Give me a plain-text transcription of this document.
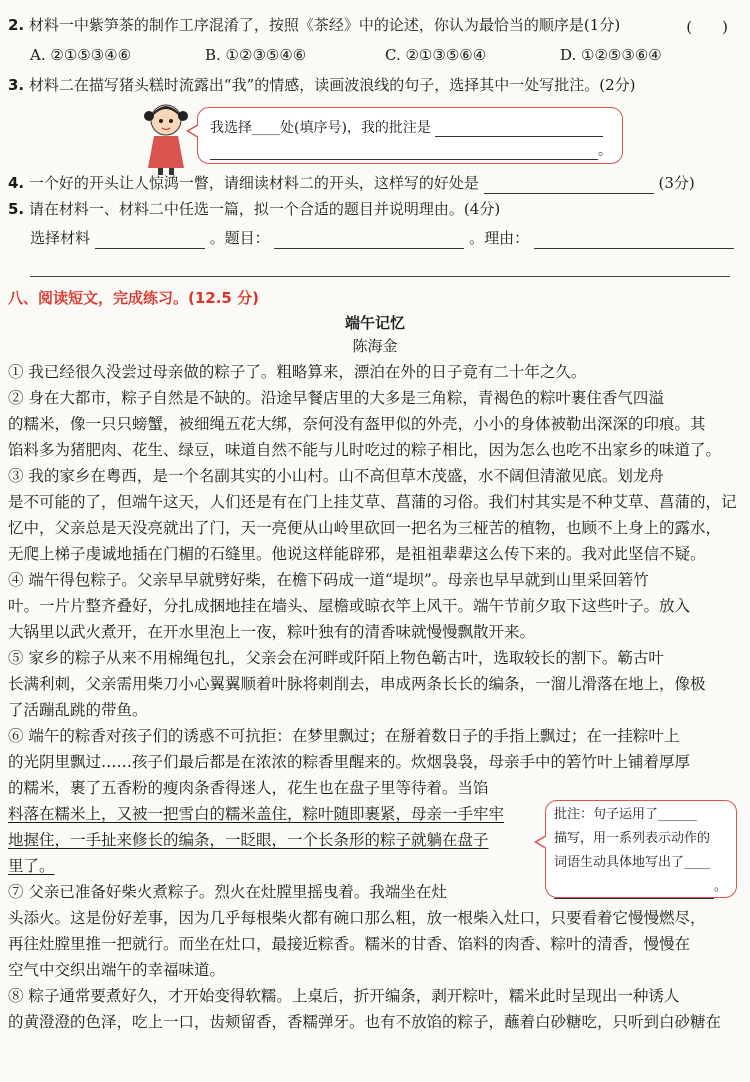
2. 材料一中紫笋茶的制作工序混淆了，按照《茶经》中的论述，你认为最恰当的顺序是(1分)	(　　)
A. ②①⑤③④⑥	B. ①②③⑤④⑥	C. ②①③⑤⑥④	D. ①②⑤③⑥④
3. 材料二在描写猪头糕时流露出“我”的情感，读画波浪线的句子，选择其中一处写批注。(2分)
我选择____处(填序号)，我的批注是
。
4. 一个好的开头让人惊鸿一瞥，请细读材料二的开头，这样写的好处是	(3分)
5. 请在材料一、材料二中任选一篇，拟一个合适的题目并说明理由。(4分)
选择材料	。题目：	。理由：
八、阅读短文，完成练习。(12.5 分)
端午记忆
陈海金
① 我已经很久没尝过母亲做的粽子了。粗略算来，漂泊在外的日子竟有二十年之久。
② 身在大都市，粽子自然是不缺的。沿途早餐店里的大多是三角粽，青褐色的粽叶裹住香气四溢
的糯米，像一只只螃蟹，被细绳五花大绑，奈何没有盔甲似的外壳，小小的身体被勒出深深的印痕。其
馅料多为猪肥肉、花生、绿豆，味道自然不能与儿时吃过的粽子相比，因为怎么也吃不出家乡的味道了。
③ 我的家乡在粤西，是一个名副其实的小山村。山不高但草木茂盛，水不阔但清澈见底。划龙舟
是不可能的了，但端午这天，人们还是有在门上挂艾草、菖蒲的习俗。我们村其实是不种艾草、菖蒲的，记
忆中，父亲总是天没亮就出了门，天一亮便从山岭里砍回一把名为三桠苦的植物，也顾不上身上的露水，
无爬上梯子虔诚地插在门楣的石缝里。他说这样能辟邪，是祖祖辈辈这么传下来的。我对此坚信不疑。
④ 端午得包粽子。父亲早早就劈好柴，在檐下码成一道“堤坝”。母亲也早早就到山里采回箬竹
叶。一片片整齐叠好，分扎成捆地挂在墙头、屋檐或晾衣竿上风干。端午节前夕取下这些叶子。放入
大锅里以武火煮开，在开水里泡上一夜，粽叶独有的清香味就慢慢飘散开来。
⑤ 家乡的粽子从来不用棉绳包扎，父亲会在河畔或阡陌上物色簕古叶，选取较长的割下。簕古叶
长满利刺，父亲需用柴刀小心翼翼顺着叶脉将刺削去，串成两条长长的编条，一溜儿滑落在地上，像极
了活蹦乱跳的带鱼。
⑥ 端午的粽香对孩子们的诱惑不可抗拒：在梦里飘过；在掰着数日子的手指上飘过；在一挂粽叶上
的光阴里飘过……孩子们最后都是在浓浓的粽香里醒来的。炊烟袅袅，母亲手中的箬竹叶上铺着厚厚
的糯米，裹了五香粉的瘦肉条香得迷人，花生也在盘子里等待着。当馅
料落在糯米上，又被一把雪白的糯米盖住，粽叶随即裹紧，母亲一手牢牢
地握住，一手扯来修长的编条，一眨眼，一个长条形的粽子就躺在盘子
里了。
⑦ 父亲已准备好柴火煮粽子。烈火在灶膛里摇曳着。我端坐在灶
头添火。这是份好差事，因为几乎每根柴火都有碗口那么粗，放一根柴入灶口，只要看着它慢慢燃尽，
再往灶膛里推一把就行。而坐在灶口，最接近粽香。糯米的甘香、馅料的肉香、粽叶的清香，慢慢在
空气中交织出端午的幸福味道。
⑧ 粽子通常要煮好久，才开始变得软糯。上桌后，折开编条，剥开粽叶，糯米此时呈现出一种诱人
的黄澄澄的色泽，吃上一口，齿颊留香，香糯弹牙。也有不放馅的粽子，蘸着白砂糖吃，只听到白砂糖在
批注：句子运用了______
描写，用一系列表示动作的
词语生动具体地写出了____
。
